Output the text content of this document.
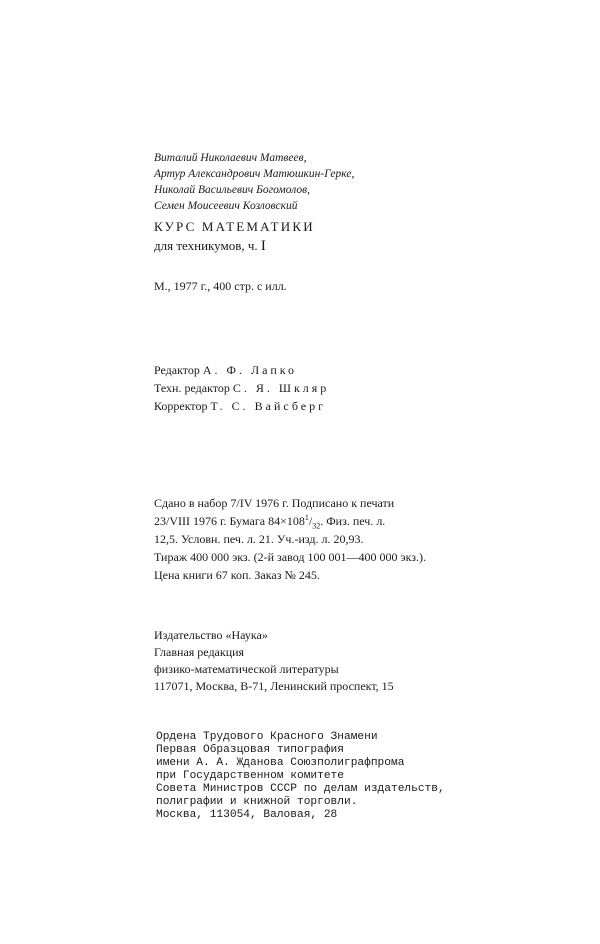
Виталий Николаевич Матвеев,
Артур Александрович Матюшкин-Герке,
Николай Васильевич Богомолов,
Семен Моисеевич Козловский
КУРС МАТЕМАТИКИ
для техникумов, ч. I
М., 1977 г., 400 стр. с илл.
Редактор А. Ф. Лапко
Техн. редактор С. Я. Шкляр
Корректор Т. С. Вайсберг
Сдано в набор 7/IV 1976 г. Подписано к печати
23/VIII 1976 г. Бумага $84\times 108^1/_{32}$. Физ. печ. л.
12,5. Условн. печ. л. 21. Уч.-изд. л. 20,93.
Тираж 400 000 экз. (2-й завод 100 001—400 000 экз.).
Цена книги 67 коп. Заказ № 245.
Издательство «Наука»
Главная редакция
физико-математической литературы
117071, Москва, В-71, Ленинский проспект, 15
Ордена Трудового Красного Знамени
Первая Образцовая типография
имени А. А. Жданова Союзполиграфпрома
при Государственном комитете
Совета Министров СССР по делам издательств,
полиграфии и книжной торговли.
Москва, 113054, Валовая, 28
